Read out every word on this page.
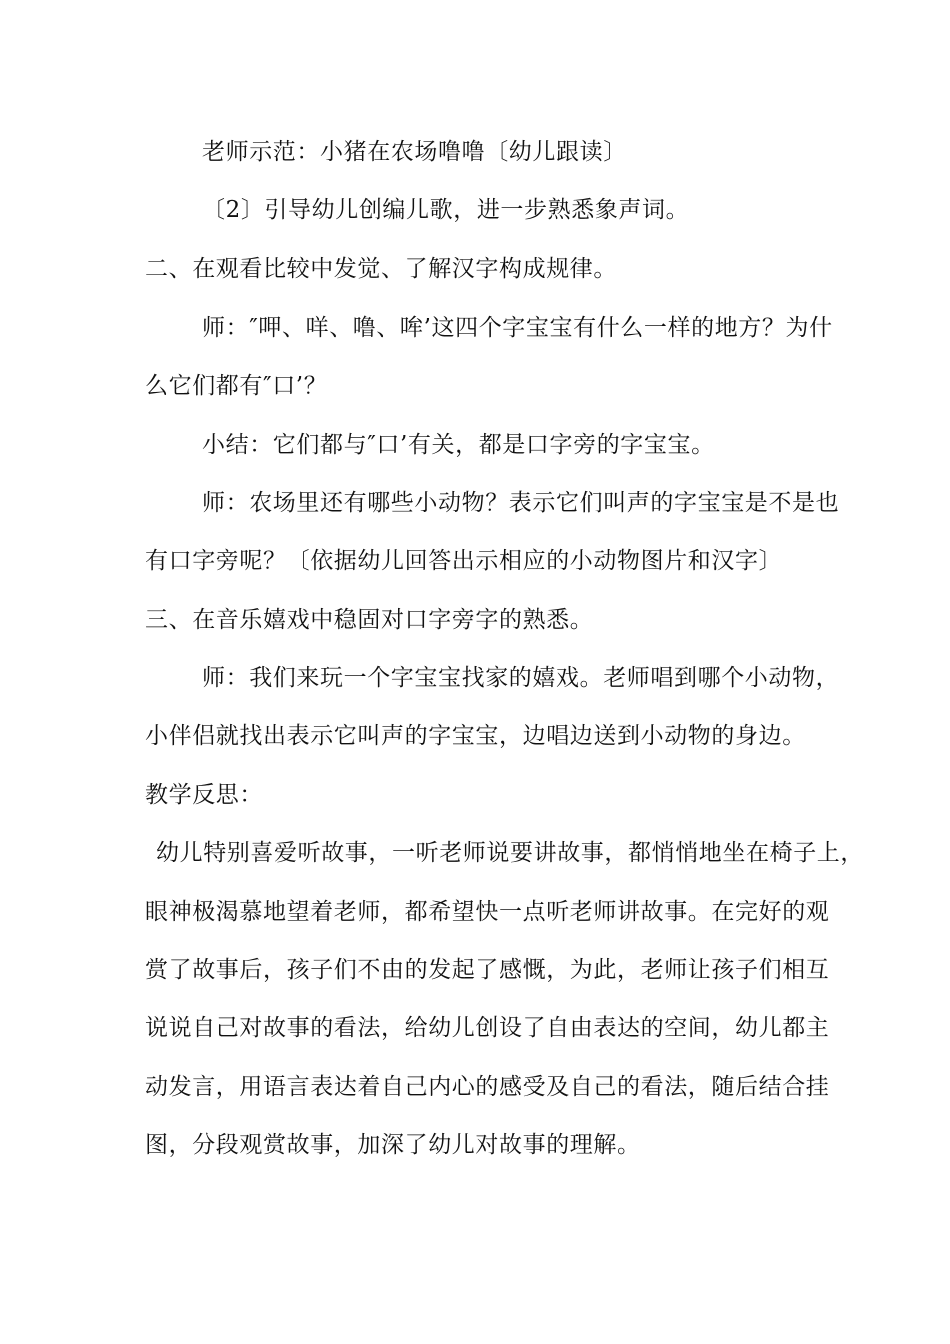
老师示范：小猪在农场噜噜〔幼儿跟读〕
〔2〕引导幼儿创编儿歌，进一步熟悉象声词。
二、在观看比较中发觉、了解汉字构成规律。
师：″呷、咩、噜、哞’这四个字宝宝有什么一样的地方？为什
么它们都有″口’？
小结：它们都与″口’有关，都是口字旁的字宝宝。
师：农场里还有哪些小动物？表示它们叫声的字宝宝是不是也
有口字旁呢？〔依据幼儿回答出示相应的小动物图片和汉字〕
三、在音乐嬉戏中稳固对口字旁字的熟悉。
师：我们来玩一个字宝宝找家的嬉戏。老师唱到哪个小动物，
小伴侣就找出表示它叫声的字宝宝，边唱边送到小动物的身边。
教学反思：
幼儿特别喜爱听故事，一听老师说要讲故事，都悄悄地坐在椅子上，
眼神极渴慕地望着老师，都希望快一点听老师讲故事。在完好的观
赏了故事后，孩子们不由的发起了感慨，为此，老师让孩子们相互
说说自己对故事的看法，给幼儿创设了自由表达的空间，幼儿都主
动发言，用语言表达着自己内心的感受及自己的看法，随后结合挂
图，分段观赏故事，加深了幼儿对故事的理解。
